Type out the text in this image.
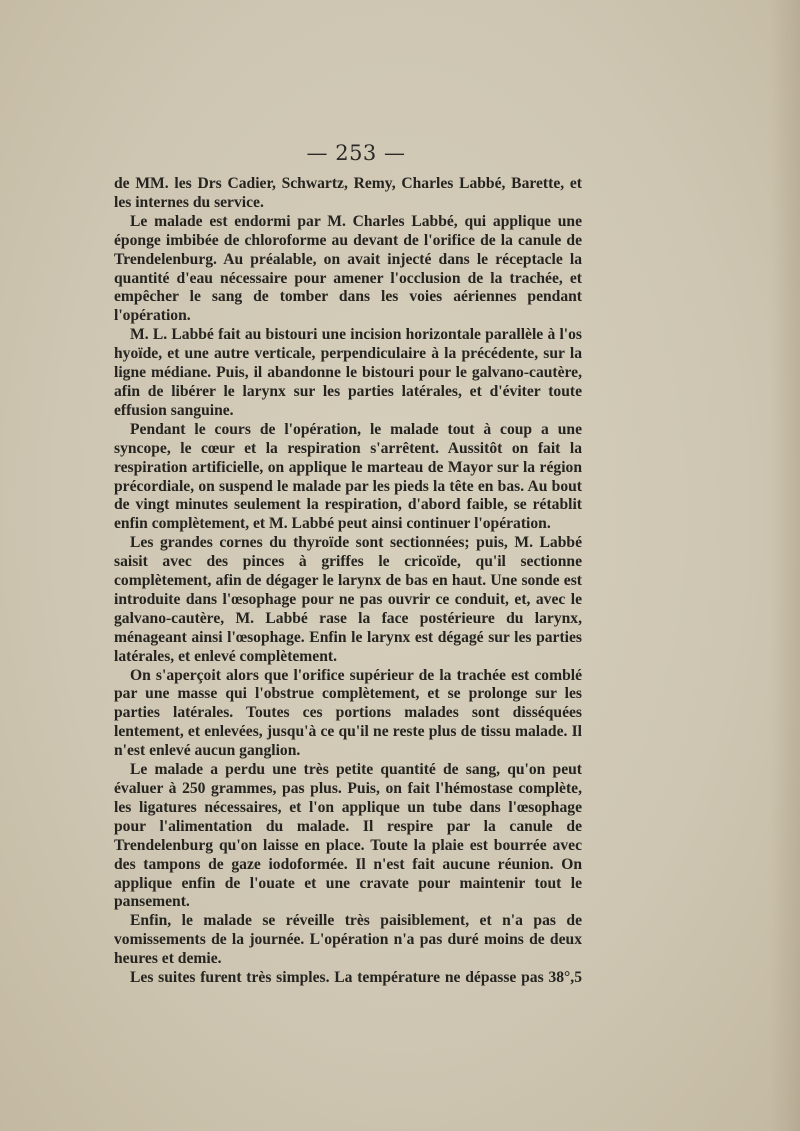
— 253 —

de MM. les Drs Cadier, Schwartz, Remy, Charles Labbé, Barette, et les internes du service.

Le malade est endormi par M. Charles Labbé, qui applique une éponge imbibée de chloroforme au devant de l'orifice de la canule de Trendelenburg. Au préalable, on avait injecté dans le réceptacle la quantité d'eau nécessaire pour amener l'occlusion de la trachée, et empêcher le sang de tomber dans les voies aériennes pendant l'opération.

M. L. Labbé fait au bistouri une incision horizontale parallèle à l'os hyoïde, et une autre verticale, perpendiculaire à la précédente, sur la ligne médiane. Puis, il abandonne le bistouri pour le galvano-cautère, afin de libérer le larynx sur les parties latérales, et d'éviter toute effusion sanguine.

Pendant le cours de l'opération, le malade tout à coup a une syncope, le cœur et la respiration s'arrêtent. Aussitôt on fait la respiration artificielle, on applique le marteau de Mayor sur la région précordiale, on suspend le malade par les pieds la tête en bas. Au bout de vingt minutes seulement la respiration, d'abord faible, se rétablit enfin complètement, et M. Labbé peut ainsi continuer l'opération.

Les grandes cornes du thyroïde sont sectionnées; puis, M. Labbé saisit avec des pinces à griffes le cricoïde, qu'il sectionne complètement, afin de dégager le larynx de bas en haut. Une sonde est introduite dans l'œsophage pour ne pas ouvrir ce conduit, et, avec le galvano-cautère, M. Labbé rase la face postérieure du larynx, ménageant ainsi l'œsophage. Enfin le larynx est dégagé sur les parties latérales, et enlevé complètement.

On s'aperçoit alors que l'orifice supérieur de la trachée est comblé par une masse qui l'obstrue complètement, et se prolonge sur les parties latérales. Toutes ces portions malades sont disséquées lentement, et enlevées, jusqu'à ce qu'il ne reste plus de tissu malade. Il n'est enlevé aucun ganglion.

Le malade a perdu une très petite quantité de sang, qu'on peut évaluer à 250 grammes, pas plus. Puis, on fait l'hémostase complète, les ligatures nécessaires, et l'on applique un tube dans l'œsophage pour l'alimentation du malade. Il respire par la canule de Trendelenburg qu'on laisse en place. Toute la plaie est bourrée avec des tampons de gaze iodoformée. Il n'est fait aucune réunion. On applique enfin de l'ouate et une cravate pour maintenir tout le pansement.

Enfin, le malade se réveille très paisiblement, et n'a pas de vomissements de la journée. L'opération n'a pas duré moins de deux heures et demie.

Les suites furent très simples. La température ne dépasse pas 38°,5
